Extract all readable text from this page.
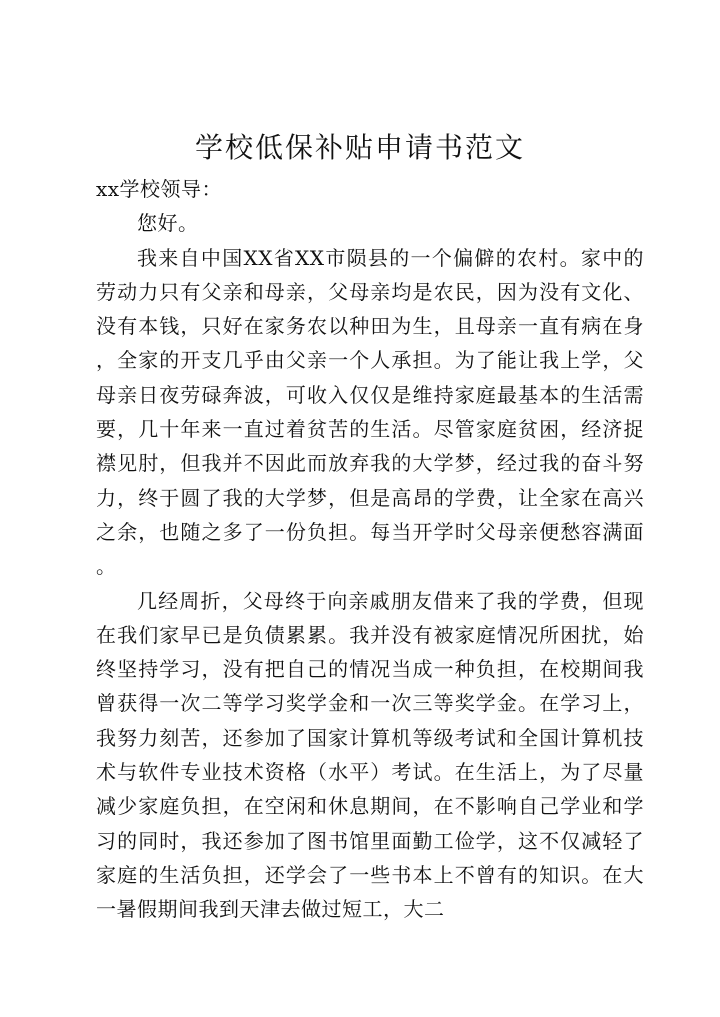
学校低保补贴申请书范文

xx学校领导：

您好。

我来自中国XX省XX市陨县的一个偏僻的农村。家中的劳动力只有父亲和母亲，父母亲均是农民，因为没有文化、没有本钱，只好在家务农以种田为生，且母亲一直有病在身，全家的开支几乎由父亲一个人承担。为了能让我上学，父母亲日夜劳碌奔波，可收入仅仅是维持家庭最基本的生活需要，几十年来一直过着贫苦的生活。尽管家庭贫困，经济捉襟见肘，但我并不因此而放弃我的大学梦，经过我的奋斗努力，终于圆了我的大学梦，但是高昂的学费，让全家在高兴之余，也随之多了一份负担。每当开学时父母亲便愁容满面。

几经周折，父母终于向亲戚朋友借来了我的学费，但现在我们家早已是负债累累。我并没有被家庭情况所困扰，始终坚持学习，没有把自己的情况当成一种负担，在校期间我曾获得一次二等学习奖学金和一次三等奖学金。在学习上，我努力刻苦，还参加了国家计算机等级考试和全国计算机技术与软件专业技术资格（水平）考试。在生活上，为了尽量减少家庭负担，在空闲和休息期间，在不影响自己学业和学习的同时，我还参加了图书馆里面勤工俭学，这不仅减轻了家庭的生活负担，还学会了一些书本上不曾有的知识。在大一暑假期间我到天津去做过短工，大二
